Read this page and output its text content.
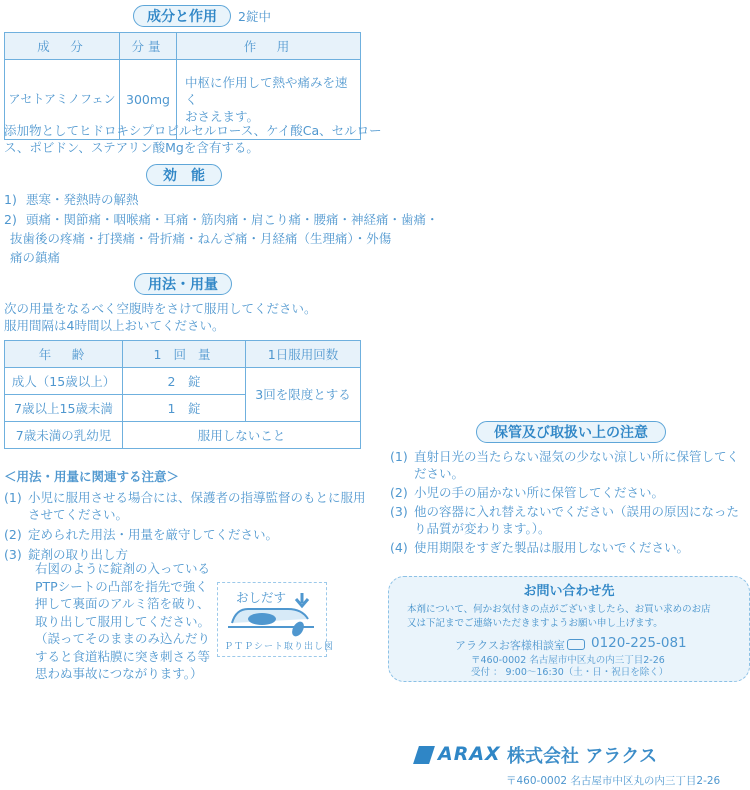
成分と作用	2錠中
成　分	分量	作　用
アセトアミノフェン	300mg	中枢に作用して熱や痛みを速く
おさえます。
添加物としてヒドロキシプロピルセルロース、ケイ酸Ca、セルロー
ス、ポビドン、ステアリン酸Mgを含有する。
効　能
1) 悪寒・発熱時の解熱
2) 頭痛・関節痛・咽喉痛・耳痛・筋肉痛・肩こり痛・腰痛・神経痛・歯痛・
抜歯後の疼痛・打撲痛・骨折痛・ねんざ痛・月経痛（生理痛）・外傷
痛の鎮痛
用法・用量
次の用量をなるべく空腹時をさけて服用してください。
服用間隔は4時間以上おいてください。
年　齢	1 回 量	1日服用回数
成人（15歳以上）	2　錠	3回を限度とする
7歳以上15歳未満	1　錠	
7歳未満の乳幼児	服用しないこと	
＜用法・用量に関連する注意＞
(1) 小児に服用させる場合には、保護者の指導監督のもとに服用
させてください。
(2) 定められた用法・用量を厳守してください。
(3) 錠剤の取り出し方
右図のように錠剤の入っている
PTPシートの凸部を指先で強く
押して裏面のアルミ箔を破り、
取り出して服用してください。
（誤ってそのままのみ込んだり
すると食道粘膜に突き刺さる等
思わぬ事故につながります。）
おしだす
ＰＴＰシート取り出し図
保管及び取扱い上の注意
(1) 直射日光の当たらない湿気の少ない涼しい所に保管してく
ださい。
(2) 小児の手の届かない所に保管してください。
(3) 他の容器に入れ替えないでください（誤用の原因になった
り品質が変わります。）。
(4) 使用期限をすぎた製品は服用しないでください。
お問い合わせ先
本剤について、何かお気付きの点がございましたら、お買い求めのお店
又は下記までご連絡いただきますようお願い申し上げます。
アラクスお客様相談室 0120-225-081
〒460-0002 名古屋市中区丸の内三丁目2-26
受付 ： 9:00～16:30（土・日・祝日を除く）
ARAX 株式会社 アラクス
〒460-0002 名古屋市中区丸の内三丁目2-26
